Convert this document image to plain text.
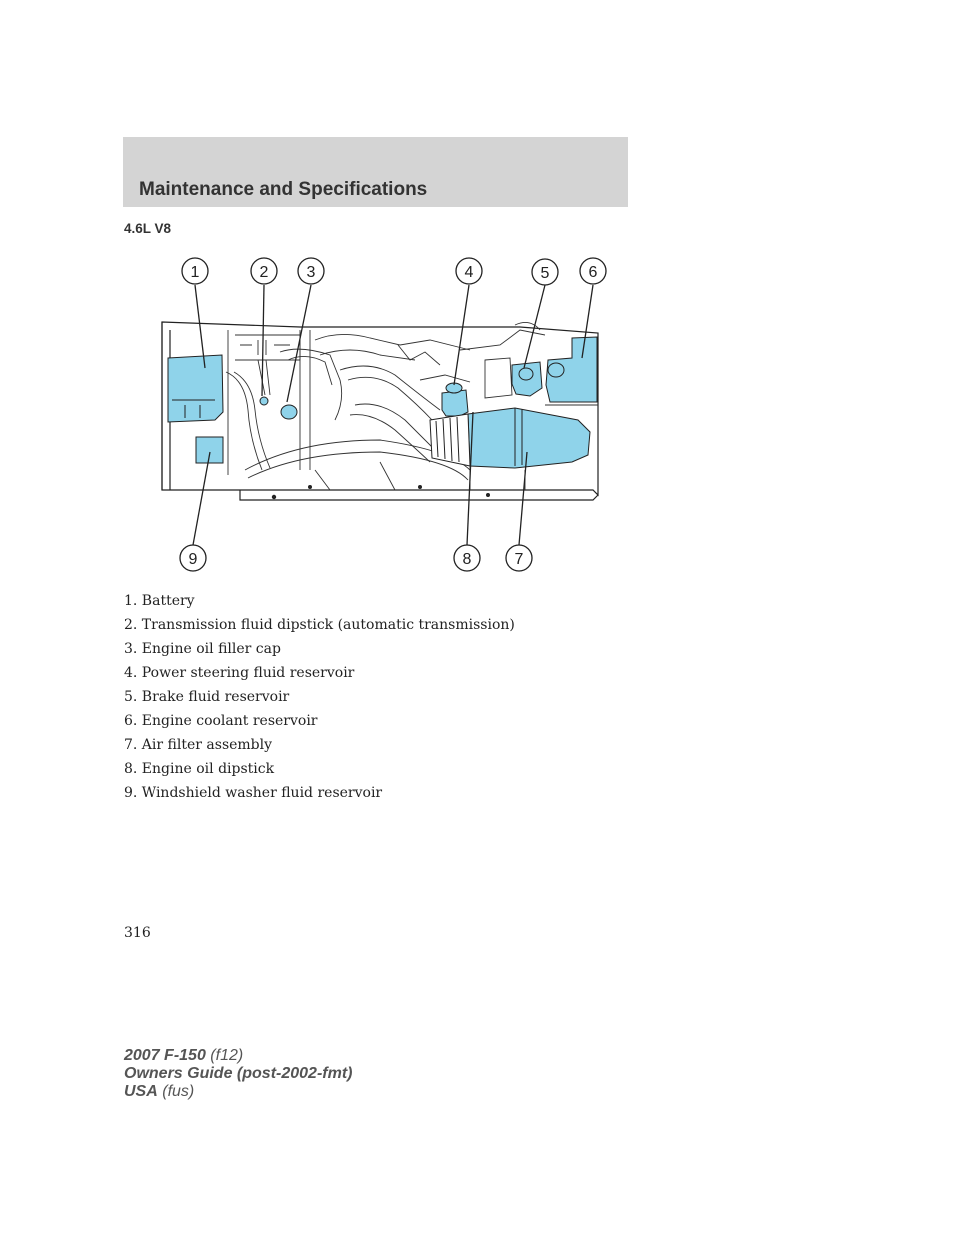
Maintenance and Specifications
4.6L V8
1	2 3	4	5 6
7
8
9
1. Battery
2. Transmission fluid dipstick (automatic transmission)
3. Engine oil filler cap
4. Power steering fluid reservoir
5. Brake fluid reservoir
6. Engine coolant reservoir
7. Air filter assembly
8. Engine oil dipstick
9. Windshield washer fluid reservoir
316
2007 F-150 (f12)
Owners Guide (post-2002-fmt)
USA (fus)
